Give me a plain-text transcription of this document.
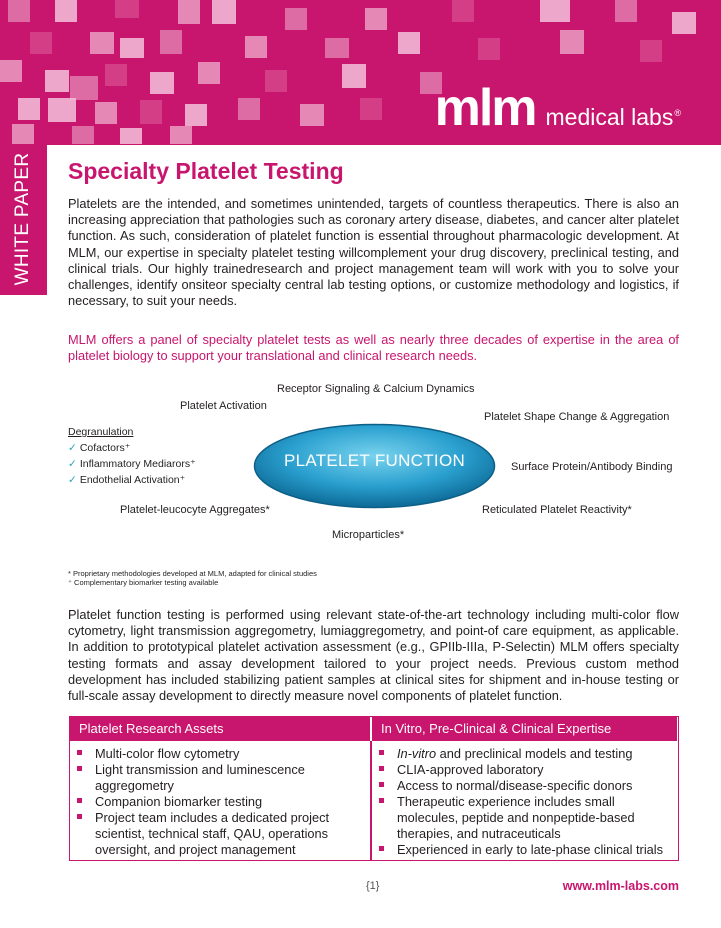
mlm medical labs®
WHITE PAPER Specialty Platelet Testing

Platelets are the intended, and sometimes unintended, targets of countless therapeutics. There is also an increasing appreciation that pathologies such as coronary artery disease, diabetes, and cancer alter platelet function. As such, consideration of platelet function is essential throughout pharmacologic development. At MLM, our expertise in specialty platelet testing willcomplement your drug discovery, preclinical testing, and clinical trials. Our highly trainedresearch and project management team will work with you to solve your challenges, identify onsiteor specialty central lab testing options, or customize methodology and logistics, if necessary, to suit your needs.

MLM offers a panel of specialty platelet tests as well as nearly three decades of expertise in the area of platelet biology to support your translational and clinical research needs.

Receptor Signaling & Calcium Dynamics
Platelet Activation
Platelet Shape Change & Aggregation
Surface Protein/Antibody Binding
Platelet-leucocyte Aggregates*	Reticulated Platelet Reactivity*
Microparticles*
Degranulation
✓ Cofactors⁺
✓ Inflammatory Mediarors⁺
✓ Endothelial Activation⁺
PLATELET FUNCTION
* Proprietary methodologies developed at MLM, adapted for clinical studies
⁺ Complementary biomarker testing available

Platelet function testing is performed using relevant state-of-the-art technology including multi-color flow cytometry, light transmission aggregometry, lumiaggregometry, and point-of care equipment, as applicable. In addition to prototypical platelet activation assessment (e.g., GPIIb-IIIa, P-Selectin) MLM offers specialty testing formats and assay development tailored to your project needs. Previous custom method development has included stabilizing patient samples at clinical sites for shipment and in-house testing or full-scale assay development to directly measure novel components of platelet function.

Platelet Research Assets	In Vitro, Pre-Clinical & Clinical Expertise
Multi-color flow cytometry
Light transmission and luminescence aggregometry
Companion biomarker testing
Project team includes a dedicated project scientist, technical staff, QAU, operations oversight, and project management
In-vitro and preclinical models and testing
CLIA-approved laboratory
Access to normal/disease-specific donors
Therapeutic experience includes small molecules, peptide and nonpeptide-based therapies, and nutraceuticals
Experienced in early to late-phase clinical trials
{1}	www.mlm-labs.com
